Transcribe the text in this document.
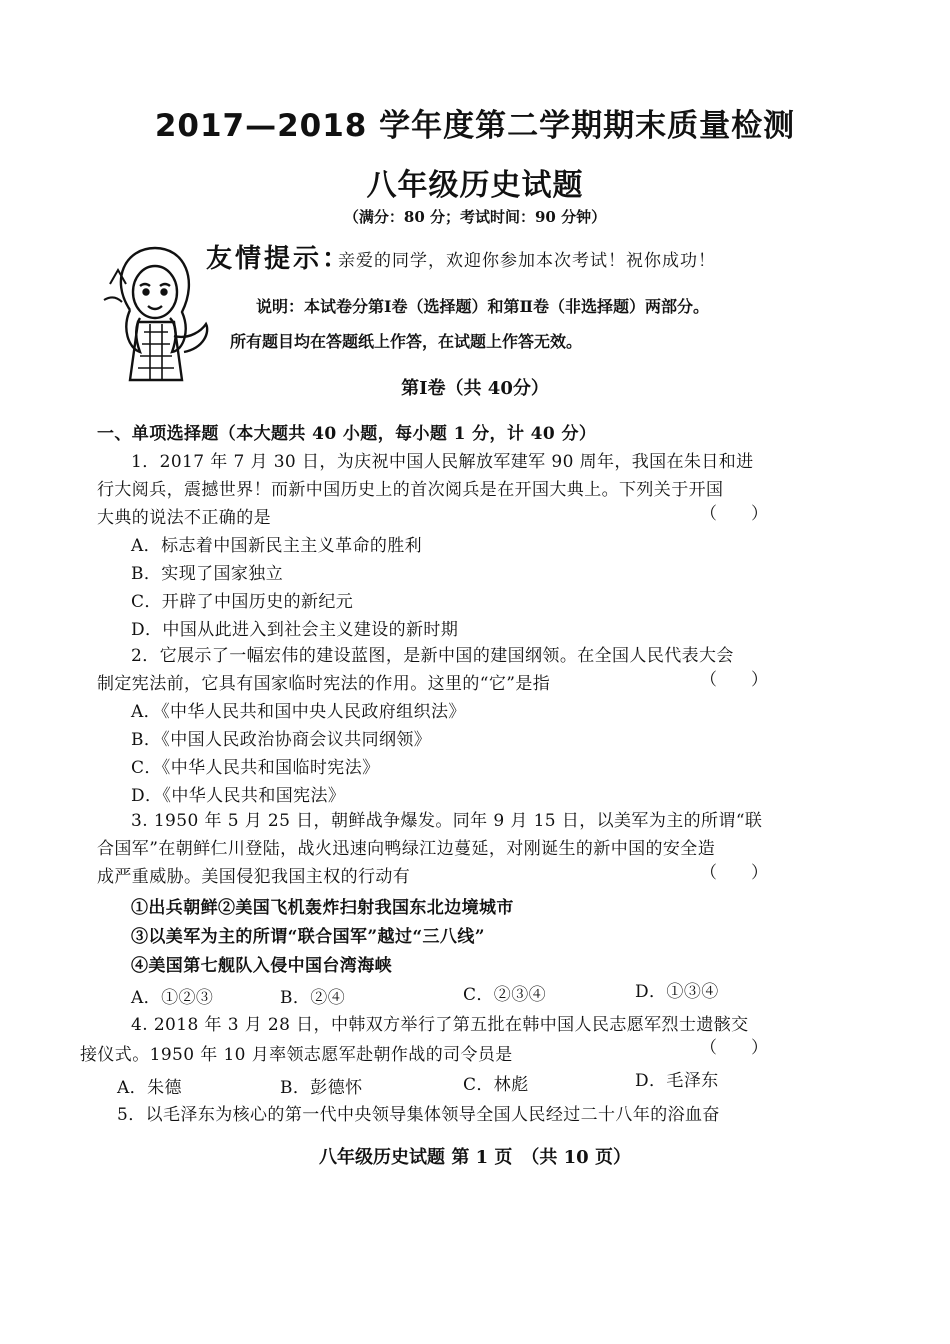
2017—2018 学年度第二学期期末质量检测
八年级历史试题
（满分：80 分；考试时间：90 分钟）
友情提示：
亲爱的同学，欢迎你参加本次考试！祝你成功！
说明：本试卷分第Ⅰ卷（选择题）和第Ⅱ卷（非选择题）两部分。
所有题目均在答题纸上作答，在试题上作答无效。
第Ⅰ卷（共 40分）
一、单项选择题（本大题共 40 小题，每小题 1 分，计 40 分）
1．2017 年 7 月 30 日，为庆祝中国人民解放军建军 90 周年，我国在朱日和进
行大阅兵，震撼世界！而新中国历史上的首次阅兵是在开国大典上。下列关于开国
大典的说法不正确的是	（　　）
A．标志着中国新民主主义革命的胜利
B．实现了国家独立
C．开辟了中国历史的新纪元
D．中国从此进入到社会主义建设的新时期
2．它展示了一幅宏伟的建设蓝图，是新中国的建国纲领。在全国人民代表大会
制定宪法前，它具有国家临时宪法的作用。这里的“它”是指	（　　）
A．《中华人民共和国中央人民政府组织法》
B．《中国人民政治协商会议共同纲领》
C．《中华人民共和国临时宪法》
D．《中华人民共和国宪法》
3. 1950 年 5 月 25 日，朝鲜战争爆发。同年 9 月 15 日，以美军为主的所谓“联
合国军”在朝鲜仁川登陆，战火迅速向鸭绿江边蔓延，对刚诞生的新中国的安全造
成严重威胁。美国侵犯我国主权的行动有	（　　）
①出兵朝鲜②美国飞机轰炸扫射我国东北边境城市
③以美军为主的所谓“联合国军”越过“三八线”
④美国第七舰队入侵中国台湾海峡
A．①②③	B．②④	C．②③④	D．①③④
4. 2018 年 3 月 28 日，中韩双方举行了第五批在韩中国人民志愿军烈士遗骸交
接仪式。1950 年 10 月率领志愿军赴朝作战的司令员是	（　　）
A．朱德	B．彭德怀	C．林彪	D．毛泽东
5．以毛泽东为核心的第一代中央领导集体领导全国人民经过二十八年的浴血奋
八年级历史试题 第 1 页　（共 10 页）
